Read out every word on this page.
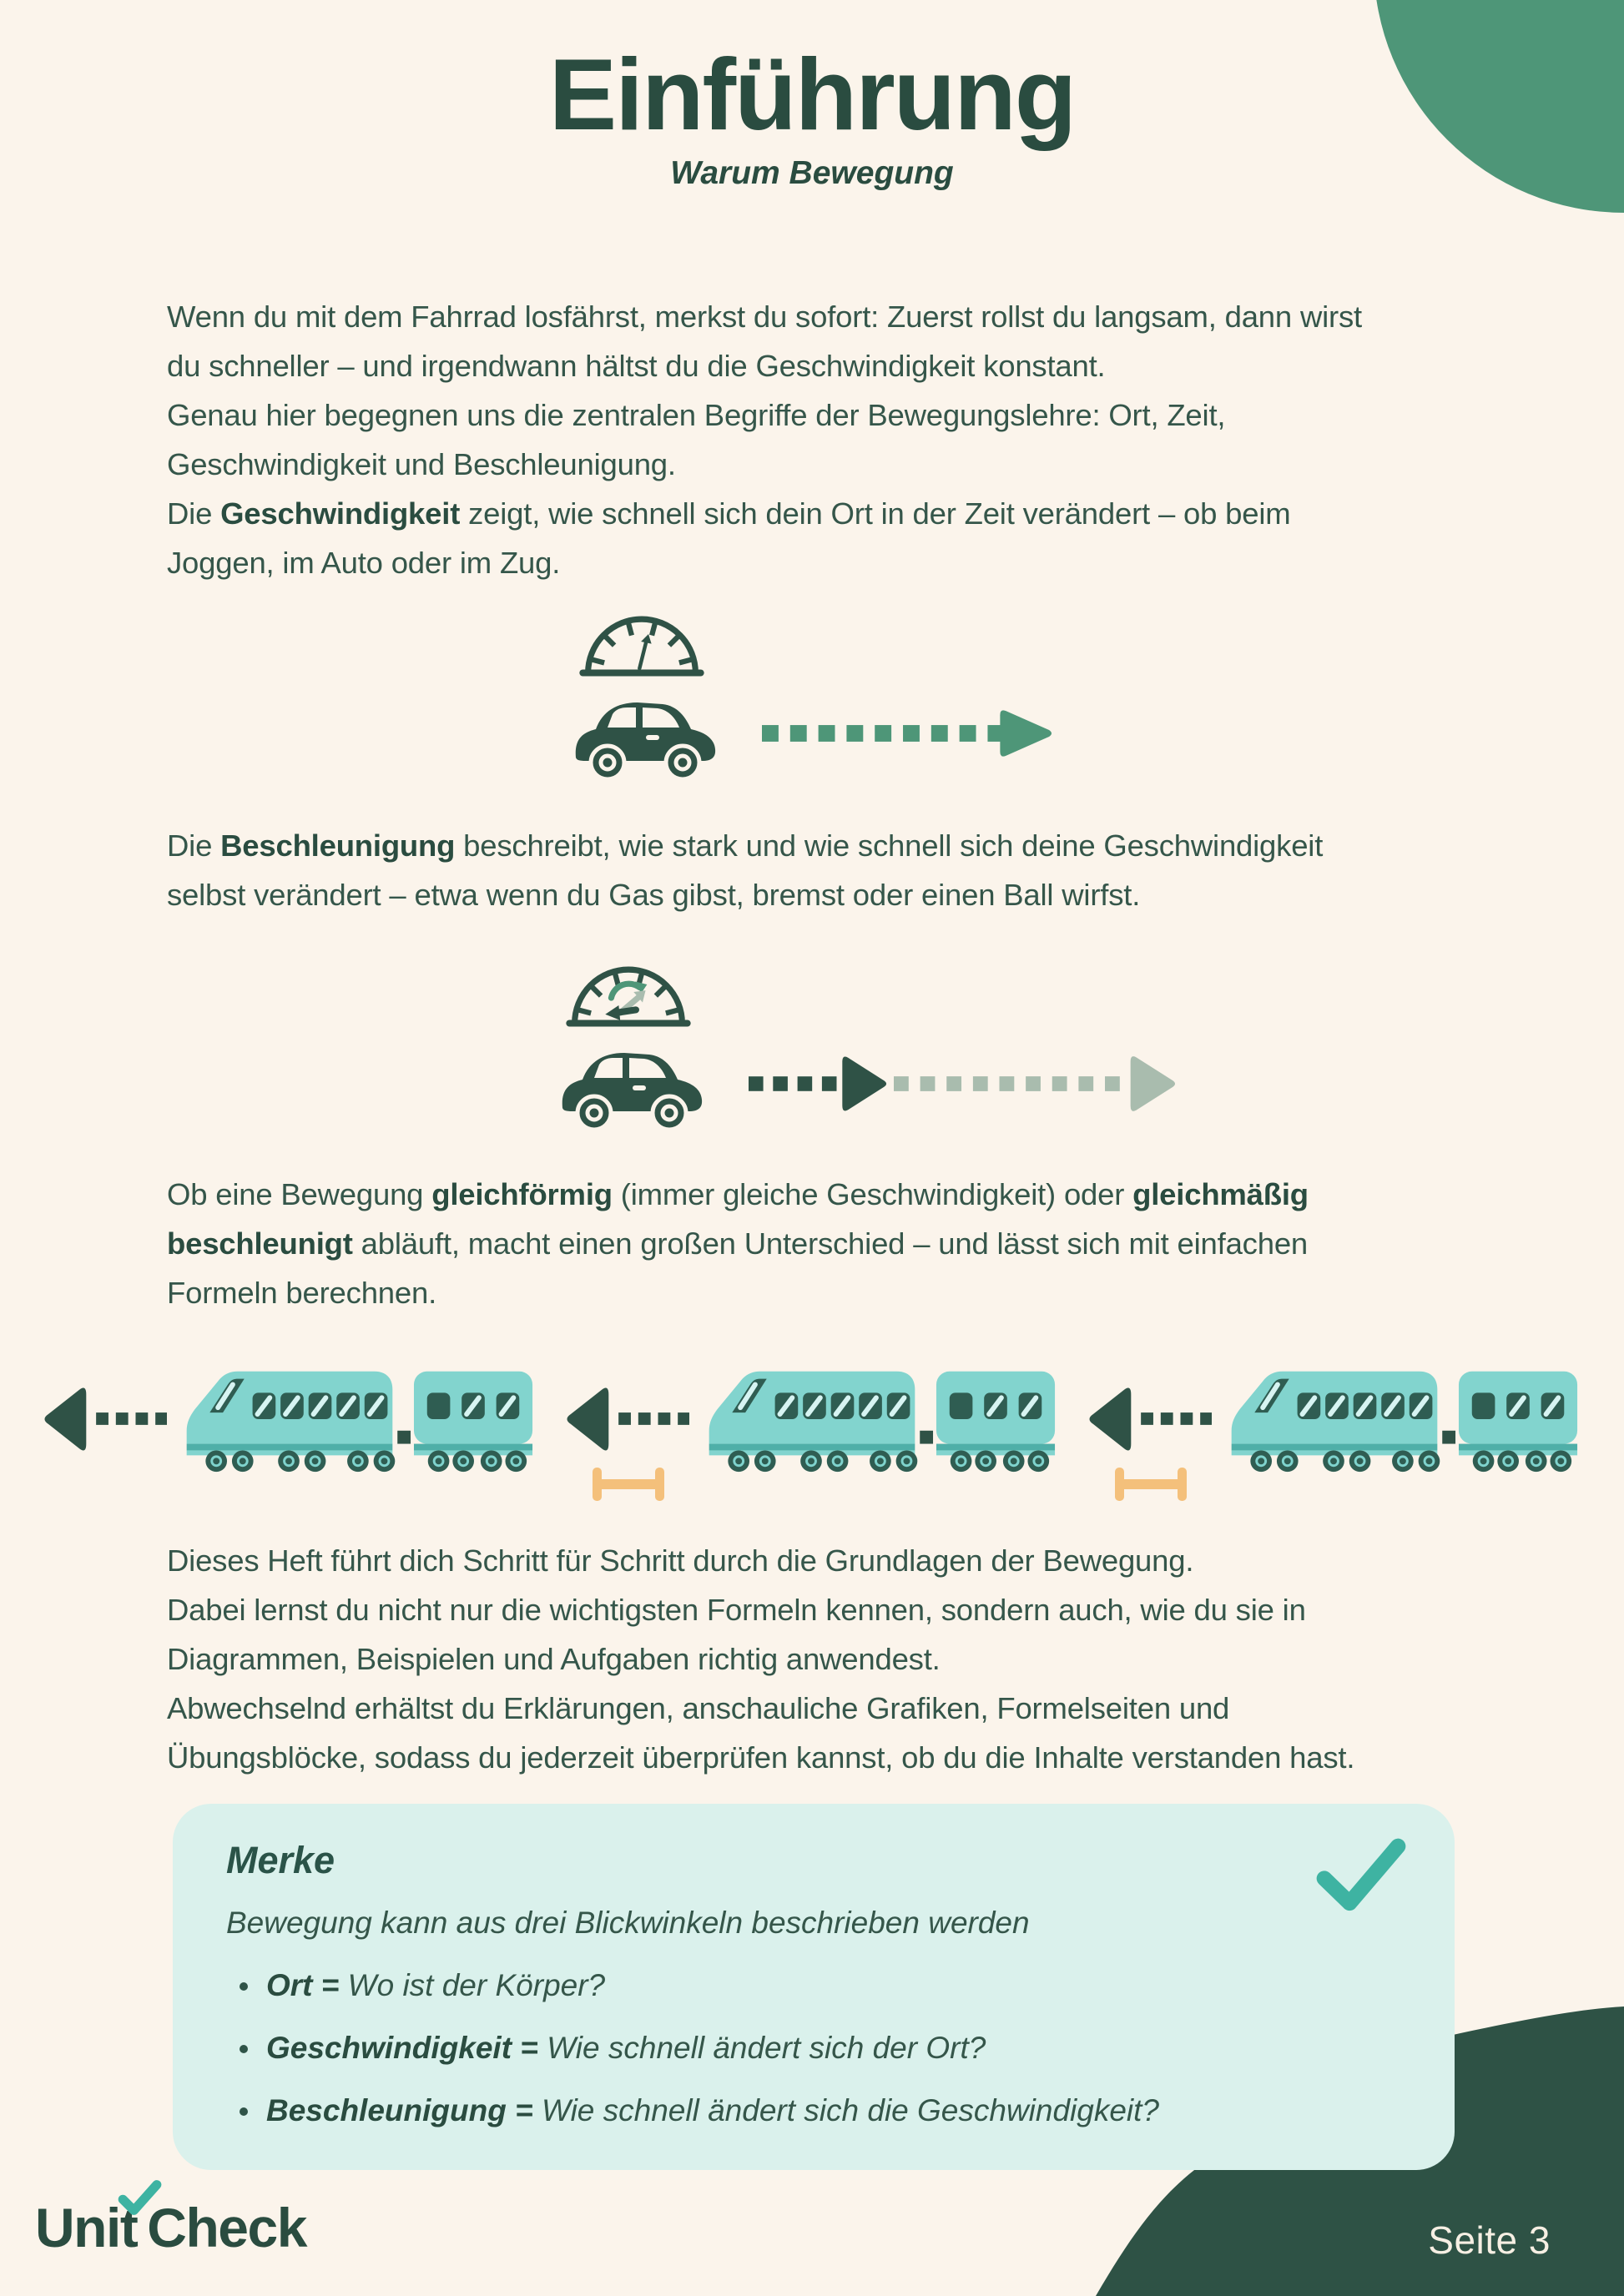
Einführung
Warum Bewegung
Wenn du mit dem Fahrrad losfährst, merkst du sofort: Zuerst rollst du langsam, dann wirst
du schneller – und irgendwann hältst du die Geschwindigkeit konstant.
Genau hier begegnen uns die zentralen Begriffe der Bewegungslehre: Ort, Zeit,
Geschwindigkeit und Beschleunigung.
Die Geschwindigkeit zeigt, wie schnell sich dein Ort in der Zeit verändert – ob beim
Joggen, im Auto oder im Zug.
Die Beschleunigung beschreibt, wie stark und wie schnell sich deine Geschwindigkeit
selbst verändert – etwa wenn du Gas gibst, bremst oder einen Ball wirfst.
Ob eine Bewegung gleichförmig (immer gleiche Geschwindigkeit) oder gleichmäßig
beschleunigt abläuft, macht einen großen Unterschied – und lässt sich mit einfachen
Formeln berechnen.
Dieses Heft führt dich Schritt für Schritt durch die Grundlagen der Bewegung.
Dabei lernst du nicht nur die wichtigsten Formeln kennen, sondern auch, wie du sie in
Diagrammen, Beispielen und Aufgaben richtig anwendest.
Abwechselnd erhältst du Erklärungen, anschauliche Grafiken, Formelseiten und
Übungsblöcke, sodass du jederzeit überprüfen kannst, ob du die Inhalte verstanden hast.
Merke

Bewegung kann aus drei Blickwinkeln beschrieben werden

Ort = Wo ist der Körper?
Geschwindigkeit = Wie schnell ändert sich der Ort?
Beschleunigung = Wie schnell ändert sich die Geschwindigkeit?
Unit Check	Seite 3
